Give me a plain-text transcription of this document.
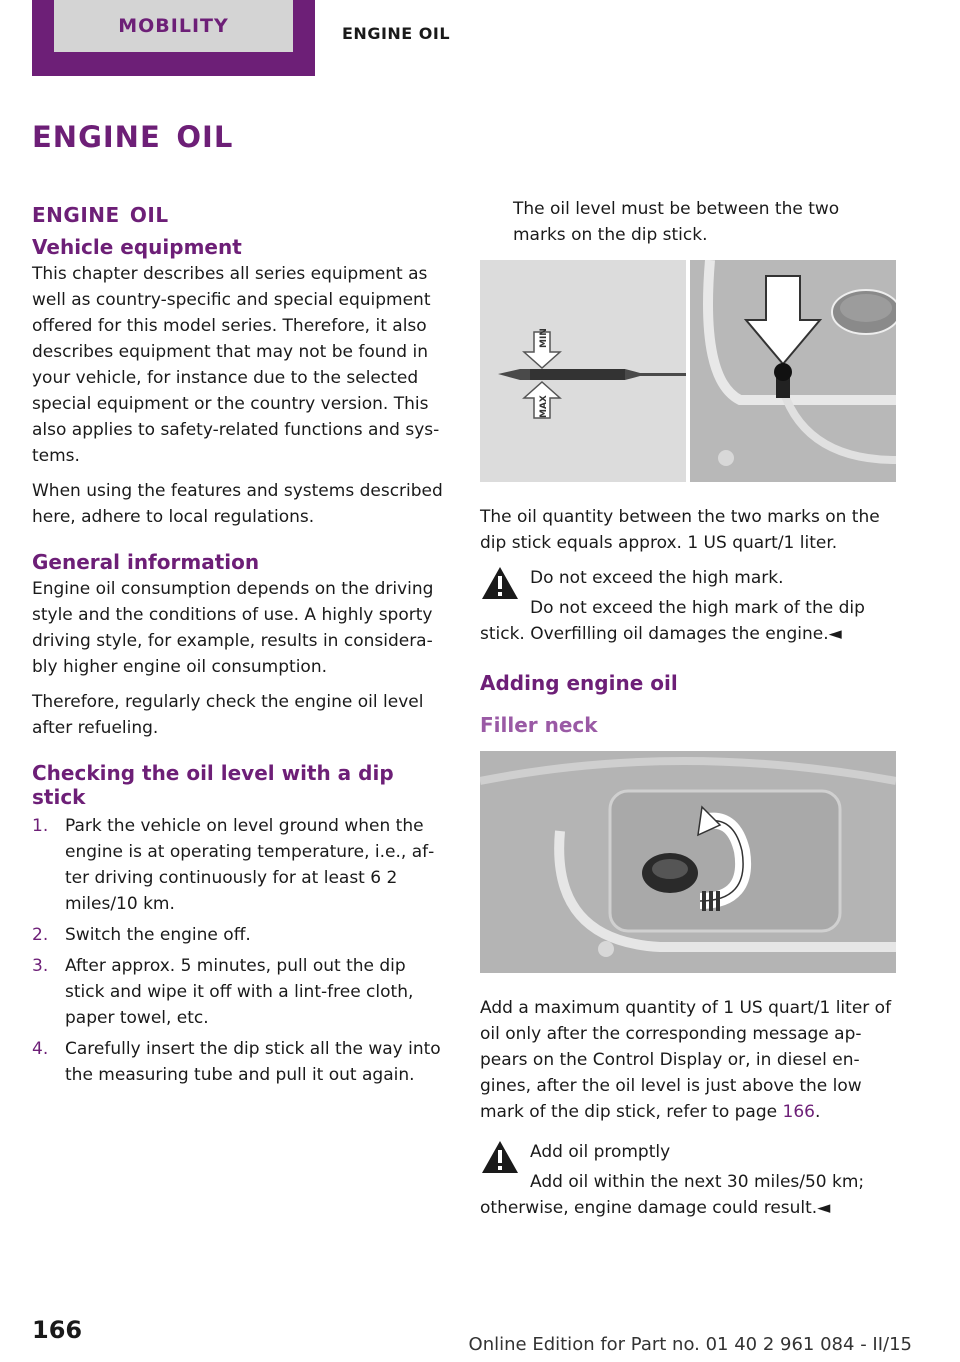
MOBILITY	ENGINE OIL
engine oil
engine oil
Vehicle equipment

This chapter describes all series equipment as well as country-specific and special equipment offered for this model series. Therefore, it also describes equipment that may not be found in your vehicle, for instance due to the selected special equipment or the country version. This also applies to safety-related functions and sys‐tems.

When using the features and systems described here, adhere to local regulations.

General information

Engine oil consumption depends on the driving style and the conditions of use. A highly sporty driving style, for example, results in considera‐bly higher engine oil consumption.

Therefore, regularly check the engine oil level after refueling.

Checking the oil level with a dip stick
1. Park the vehicle on level ground when the engine is at operating temperature, i.e., af‐ter driving continuously for at least 6 2 miles/10 km.
2. Switch the engine off.
3. After approx. 5 minutes, pull out the dip stick and wipe it off with a lint-free cloth, paper towel, etc.
4. Carefully insert the dip stick all the way into the measuring tube and pull it out again.

The oil level must be between the two marks on the dip stick.

MIN
MAX

The oil quantity between the two marks on the dip stick equals approx. 1 US quart/1 liter.

Do not exceed the high mark.

Do not exceed the high mark of the dip

stick. Overfilling oil damages the engine.◄

Adding engine oil
Filler neck

Add a maximum quantity of 1 US quart/1 liter of oil only after the corresponding message ap‐pears on the Control Display or, in diesel en‐gines, after the oil level is just above the low mark of the dip stick, refer to page 166.

Add oil promptly

Add oil within the next 30 miles/50 km;

otherwise, engine damage could result.◄

166
Online Edition for Part no. 01 40 2 961 084 - II/15
